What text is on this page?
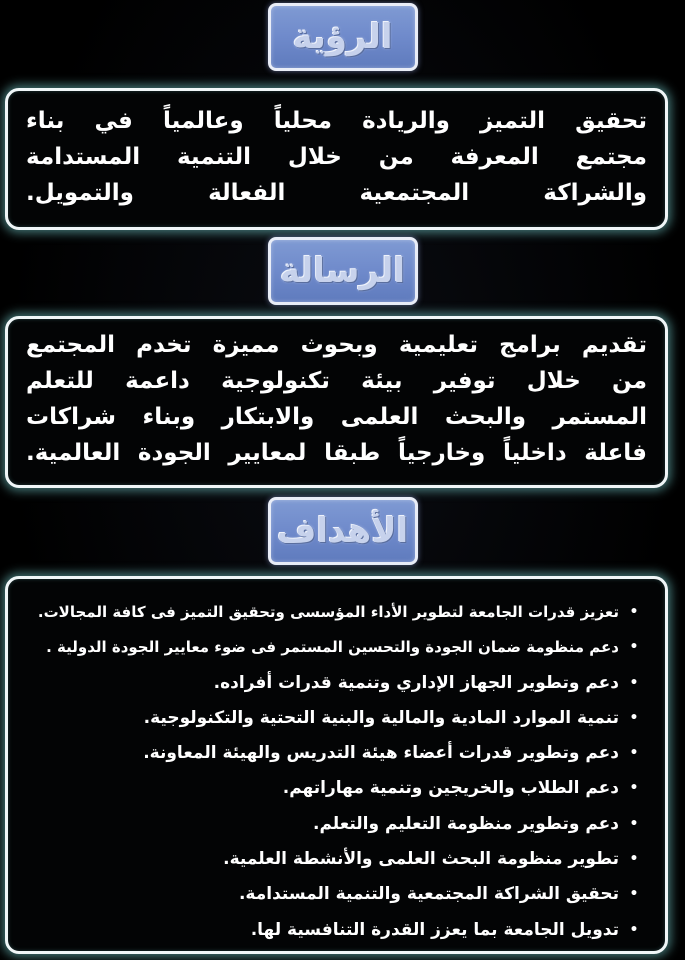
الرؤية
تحقيق التميز والريادة محلياً وعالمياً في بناء
مجتمع المعرفة من خلال التنمية المستدامة
والشراكة المجتمعية الفعالة والتمويل.
الرسالة
تقديم برامج تعليمية وبحوث مميزة تخدم المجتمع
من خلال توفير بيئة تكنولوجية داعمة للتعلم
المستمر والبحث العلمى والابتكار وبناء شراكات
فاعلة داخلياً وخارجياً طبقا لمعايير الجودة العالمية.
الأهداف
•
تعزيز قدرات الجامعة لتطوير الأداء المؤسسى وتحقيق التميز فى كافة المجالات.
•
دعم منظومة ضمان الجودة والتحسين المستمر فى ضوء معايير الجودة الدولية .
•
دعم وتطوير الجهاز الإداري وتنمية قدرات أفراده.
•
تنمية الموارد المادية والمالية والبنية التحتية والتكنولوجية.
•
دعم وتطوير قدرات أعضاء هيئة التدريس والهيئة المعاونة.
•
دعم الطلاب والخريجين وتنمية مهاراتهم.
•
دعم وتطوير منظومة التعليم والتعلم.
•
تطوير منظومة البحث العلمى والأنشطة العلمية.
•
تحقيق الشراكة المجتمعية والتنمية المستدامة.
•
تدويل الجامعة بما يعزز القدرة التنافسية لها.
